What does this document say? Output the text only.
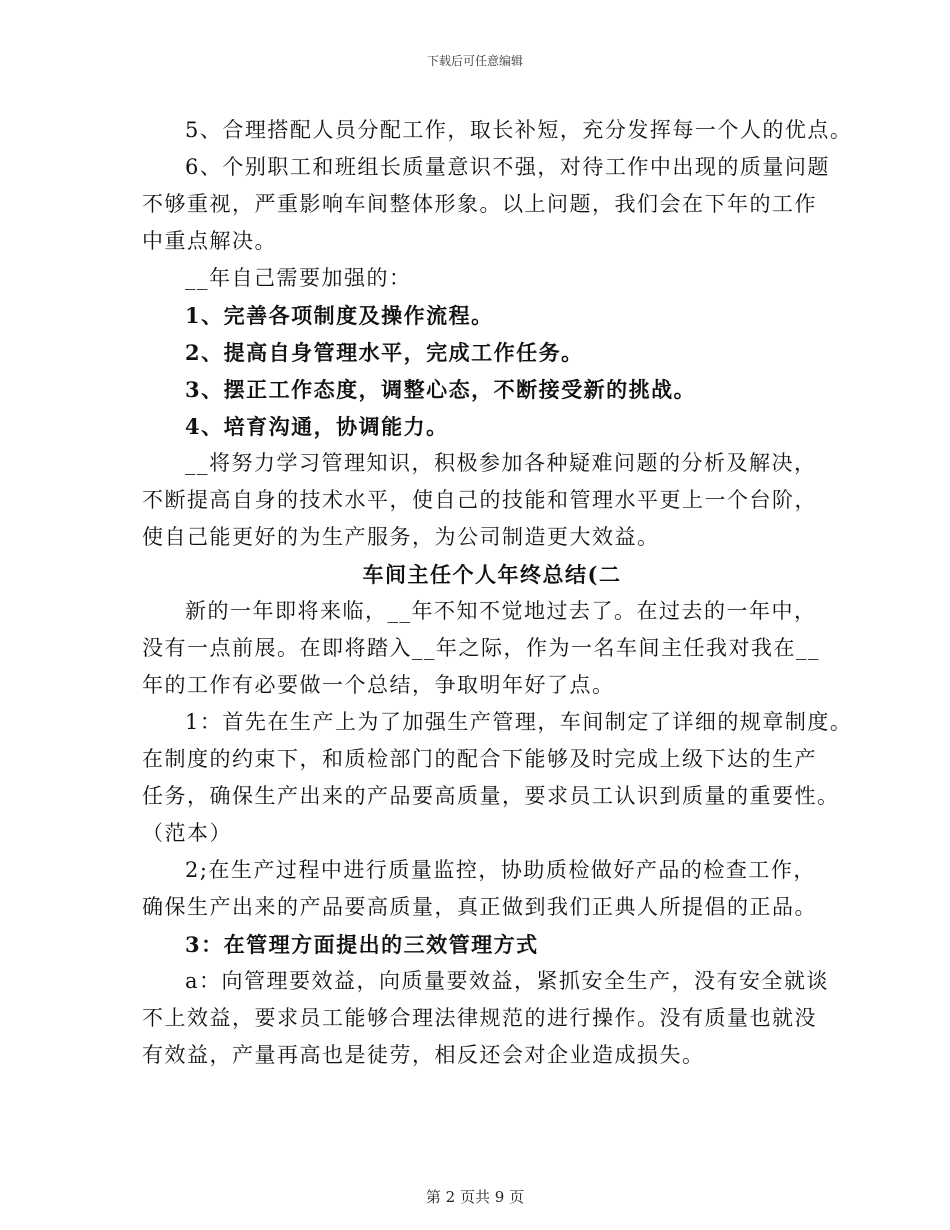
下载后可任意编辑
5、合理搭配人员分配工作，取长补短，充分发挥每一个人的优点。
6、个别职工和班组长质量意识不强，对待工作中出现的质量问题
不够重视，严重影响车间整体形象。以上问题，我们会在下年的工作
中重点解决。
__年自己需要加强的：
1、完善各项制度及操作流程。
2、提高自身管理水平，完成工作任务。
3、摆正工作态度，调整心态，不断接受新的挑战。
4、培育沟通，协调能力。
__将努力学习管理知识，积极参加各种疑难问题的分析及解决，
不断提高自身的技术水平，使自己的技能和管理水平更上一个台阶，
使自己能更好的为生产服务，为公司制造更大效益。
车间主任个人年终总结(二
新的一年即将来临，__年不知不觉地过去了。在过去的一年中，
没有一点前展。在即将踏入__年之际，作为一名车间主任我对我在__
年的工作有必要做一个总结，争取明年好了点。
1：首先在生产上为了加强生产管理，车间制定了详细的规章制度。
在制度的约束下，和质检部门的配合下能够及时完成上级下达的生产
任务，确保生产出来的产品要高质量，要求员工认识到质量的重要性。
（范本）
2;在生产过程中进行质量监控，协助质检做好产品的检查工作，
确保生产出来的产品要高质量，真正做到我们正典人所提倡的正品。
3：在管理方面提出的三效管理方式
a：向管理要效益，向质量要效益，紧抓安全生产，没有安全就谈
不上效益，要求员工能够合理法律规范的进行操作。没有质量也就没
有效益，产量再高也是徒劳，相反还会对企业造成损失。
第 2 页共 9 页
